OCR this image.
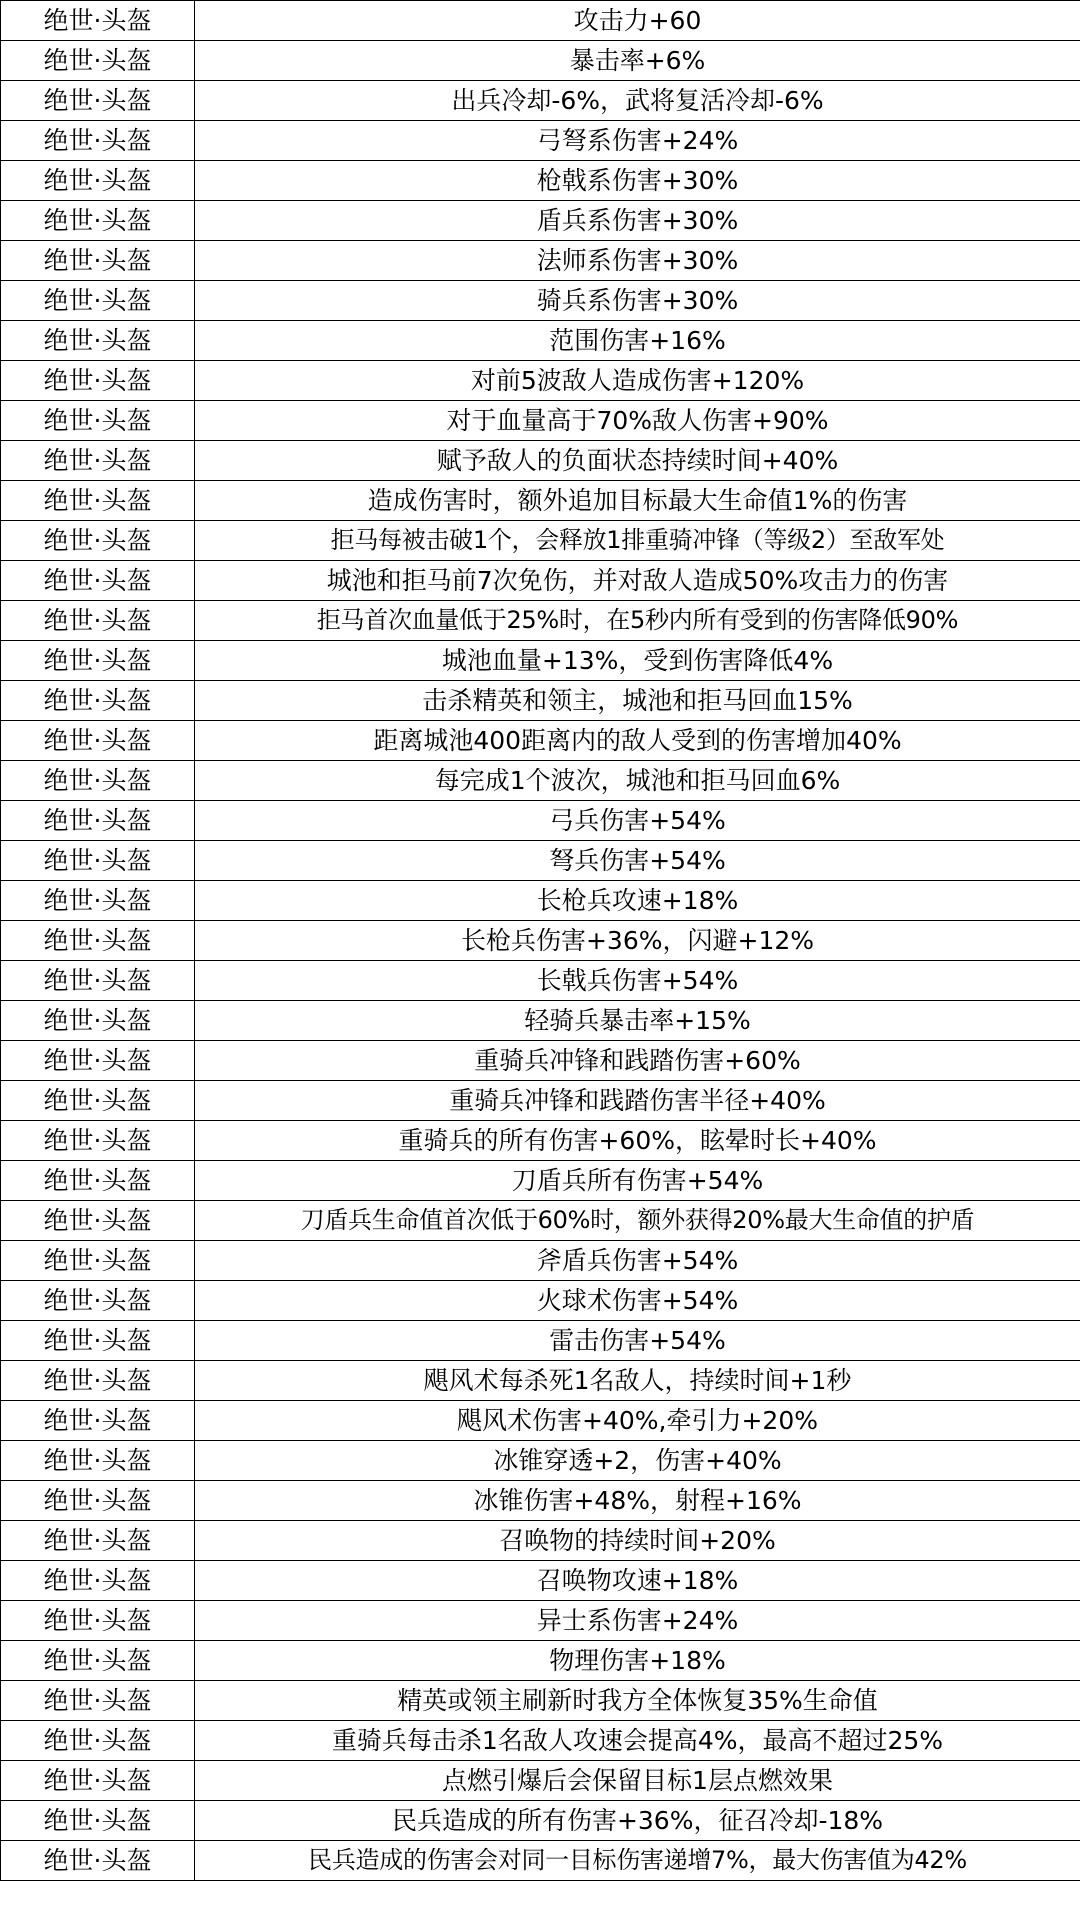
绝世·头盔	攻击力+60
绝世·头盔	暴击率+6%
绝世·头盔	出兵冷却-6%，武将复活冷却-6%
绝世·头盔	弓弩系伤害+24%
绝世·头盔	枪戟系伤害+30%
绝世·头盔	盾兵系伤害+30%
绝世·头盔	法师系伤害+30%
绝世·头盔	骑兵系伤害+30%
绝世·头盔	范围伤害+16%
绝世·头盔	对前5波敌人造成伤害+120%
绝世·头盔	对于血量高于70%敌人伤害+90%
绝世·头盔	赋予敌人的负面状态持续时间+40%
绝世·头盔	造成伤害时，额外追加目标最大生命值1%的伤害
绝世·头盔	拒马每被击破1个，会释放1排重骑冲锋（等级2）至敌军处
绝世·头盔	城池和拒马前7次免伤，并对敌人造成50%攻击力的伤害
绝世·头盔	拒马首次血量低于25%时，在5秒内所有受到的伤害降低90%
绝世·头盔	城池血量+13%，受到伤害降低4%
绝世·头盔	击杀精英和领主，城池和拒马回血15%
绝世·头盔	距离城池400距离内的敌人受到的伤害增加40%
绝世·头盔	每完成1个波次，城池和拒马回血6%
绝世·头盔	弓兵伤害+54%
绝世·头盔	弩兵伤害+54%
绝世·头盔	长枪兵攻速+18%
绝世·头盔	长枪兵伤害+36%，闪避+12%
绝世·头盔	长戟兵伤害+54%
绝世·头盔	轻骑兵暴击率+15%
绝世·头盔	重骑兵冲锋和践踏伤害+60%
绝世·头盔	重骑兵冲锋和践踏伤害半径+40%
绝世·头盔	重骑兵的所有伤害+60%，眩晕时长+40%
绝世·头盔	刀盾兵所有伤害+54%
绝世·头盔	刀盾兵生命值首次低于60%时，额外获得20%最大生命值的护盾
绝世·头盔	斧盾兵伤害+54%
绝世·头盔	火球术伤害+54%
绝世·头盔	雷击伤害+54%
绝世·头盔	飓风术每杀死1名敌人，持续时间+1秒
绝世·头盔	飓风术伤害+40%,牵引力+20%
绝世·头盔	冰锥穿透+2，伤害+40%
绝世·头盔	冰锥伤害+48%，射程+16%
绝世·头盔	召唤物的持续时间+20%
绝世·头盔	召唤物攻速+18%
绝世·头盔	异士系伤害+24%
绝世·头盔	物理伤害+18%
绝世·头盔	精英或领主刷新时我方全体恢复35%生命值
绝世·头盔	重骑兵每击杀1名敌人攻速会提高4%，最高不超过25%
绝世·头盔	点燃引爆后会保留目标1层点燃效果
绝世·头盔	民兵造成的所有伤害+36%，征召冷却-18%
绝世·头盔	民兵造成的伤害会对同一目标伤害递增7%，最大伤害值为42%
